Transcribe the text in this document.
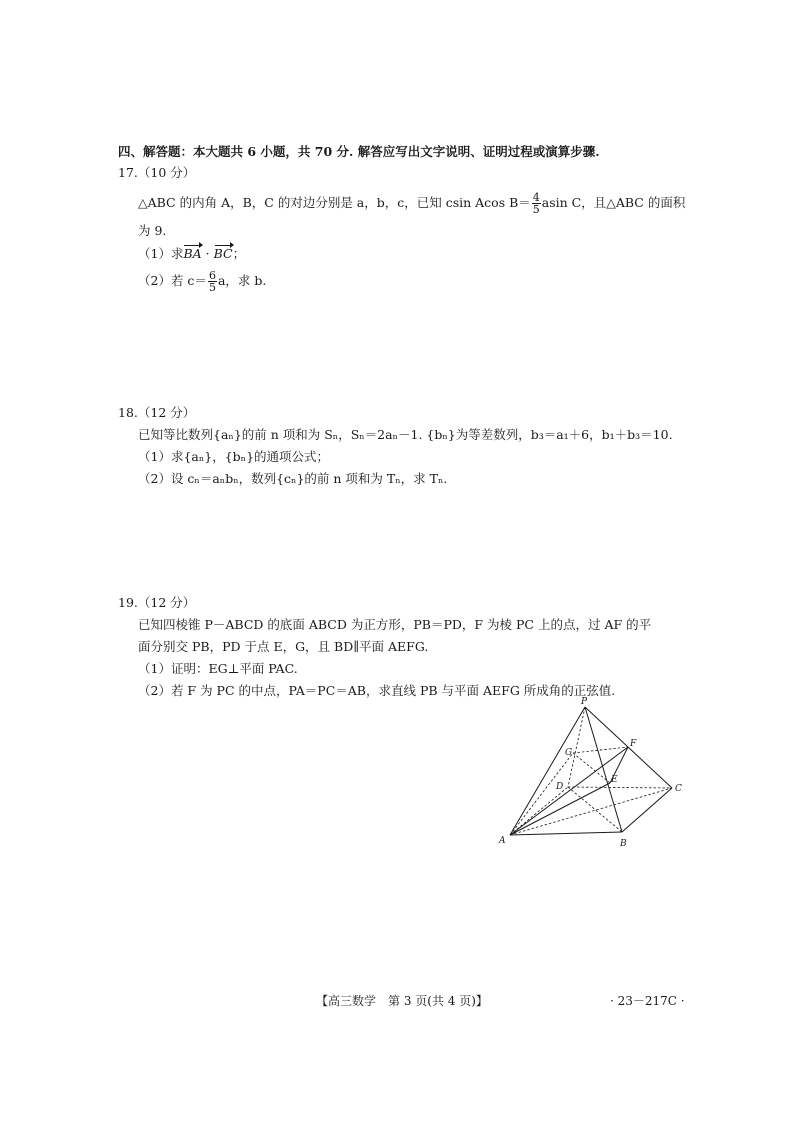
四、解答题：本大题共 6 小题，共 70 分. 解答应写出文字说明、证明过程或演算步骤.
17.（10 分）
△ABC 的内角 A，B，C 的对边分别是 a，b，c，已知 csin Acos $B= \frac{4}{5}$ asin C，且△ABC 的面积
为 9.
（1）求BA · BC；
（2）若 $c= \frac{6}{5}$ a，求 b.
18.（12 分）
已知等比数列{aₙ}的前 n 项和为 Sₙ，Sₙ＝2aₙ－1. {bₙ}为等差数列，b₃＝a₁＋6，b₁＋b₃＝10.
（1）求{aₙ}，{bₙ}的通项公式；
（2）设 cₙ＝aₙbₙ，数列{cₙ}的前 n 项和为 Tₙ，求 Tₙ.
19.（12 分）
已知四棱锥 P－ABCD 的底面 ABCD 为正方形，PB＝PD，F 为棱 PC 上的点，过 AF 的平
面分别交 PB，PD 于点 E，G，且 BD∥平面 AEFG.
（1）证明：EG⊥平面 PAC.
（2）若 F 为 PC 的中点，PA＝PC＝AB，求直线 PB 与平面 AEFG 所成角的正弦值.
P
A	B
C
D
E
F
G
【高三数学　第 3 页(共 4 页)】	· 23－217C ·
